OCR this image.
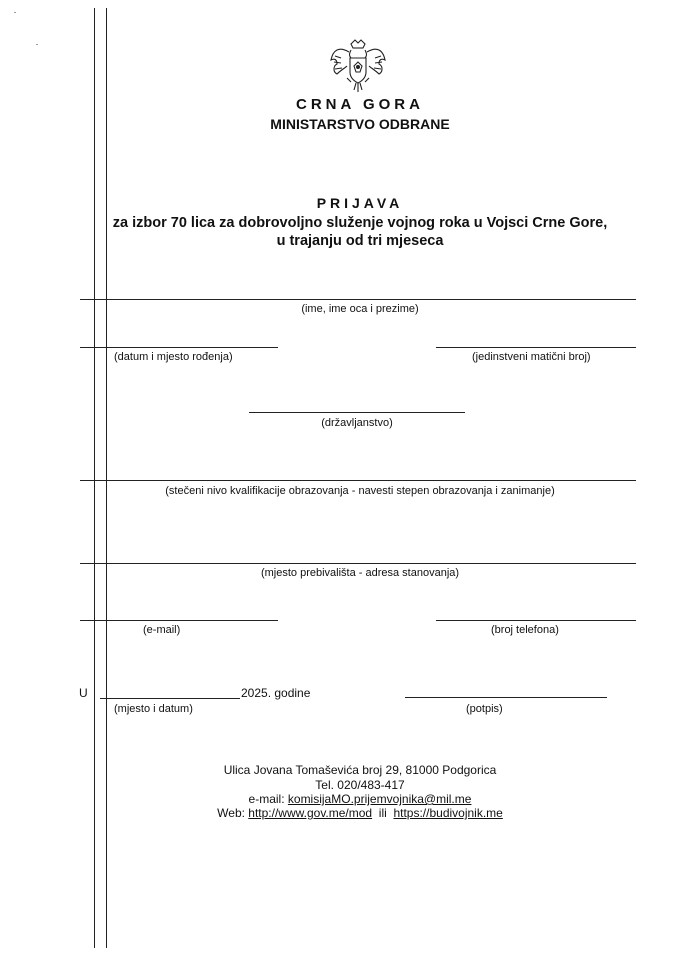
CRNA GORA
MINISTARSTVO ODBRANE
PRIJAVA
za izbor 70 lica za dobrovoljno služenje vojnog roka u Vojsci Crne Gore,
u trajanju od tri mjeseca
(ime, ime oca i prezime)
(datum i mjesto rođenja)	(jedinstveni matični broj)
(državljanstvo)
(stečeni nivo kvalifikacije obrazovanja - navesti stepen obrazovanja i zanimanje)
(mjesto prebivališta - adresa stanovanja)
(e-mail)	(broj telefona)
U	2025. godine
(mjesto i datum)	(potpis)
Ulica Jovana Tomaševića broj 29, 81000 Podgorica
Tel. 020/483-417
e-mail: komisijaMO.prijemvojnika@mil.me
Web: http://www.gov.me/mod  ili  https://budivojnik.me
